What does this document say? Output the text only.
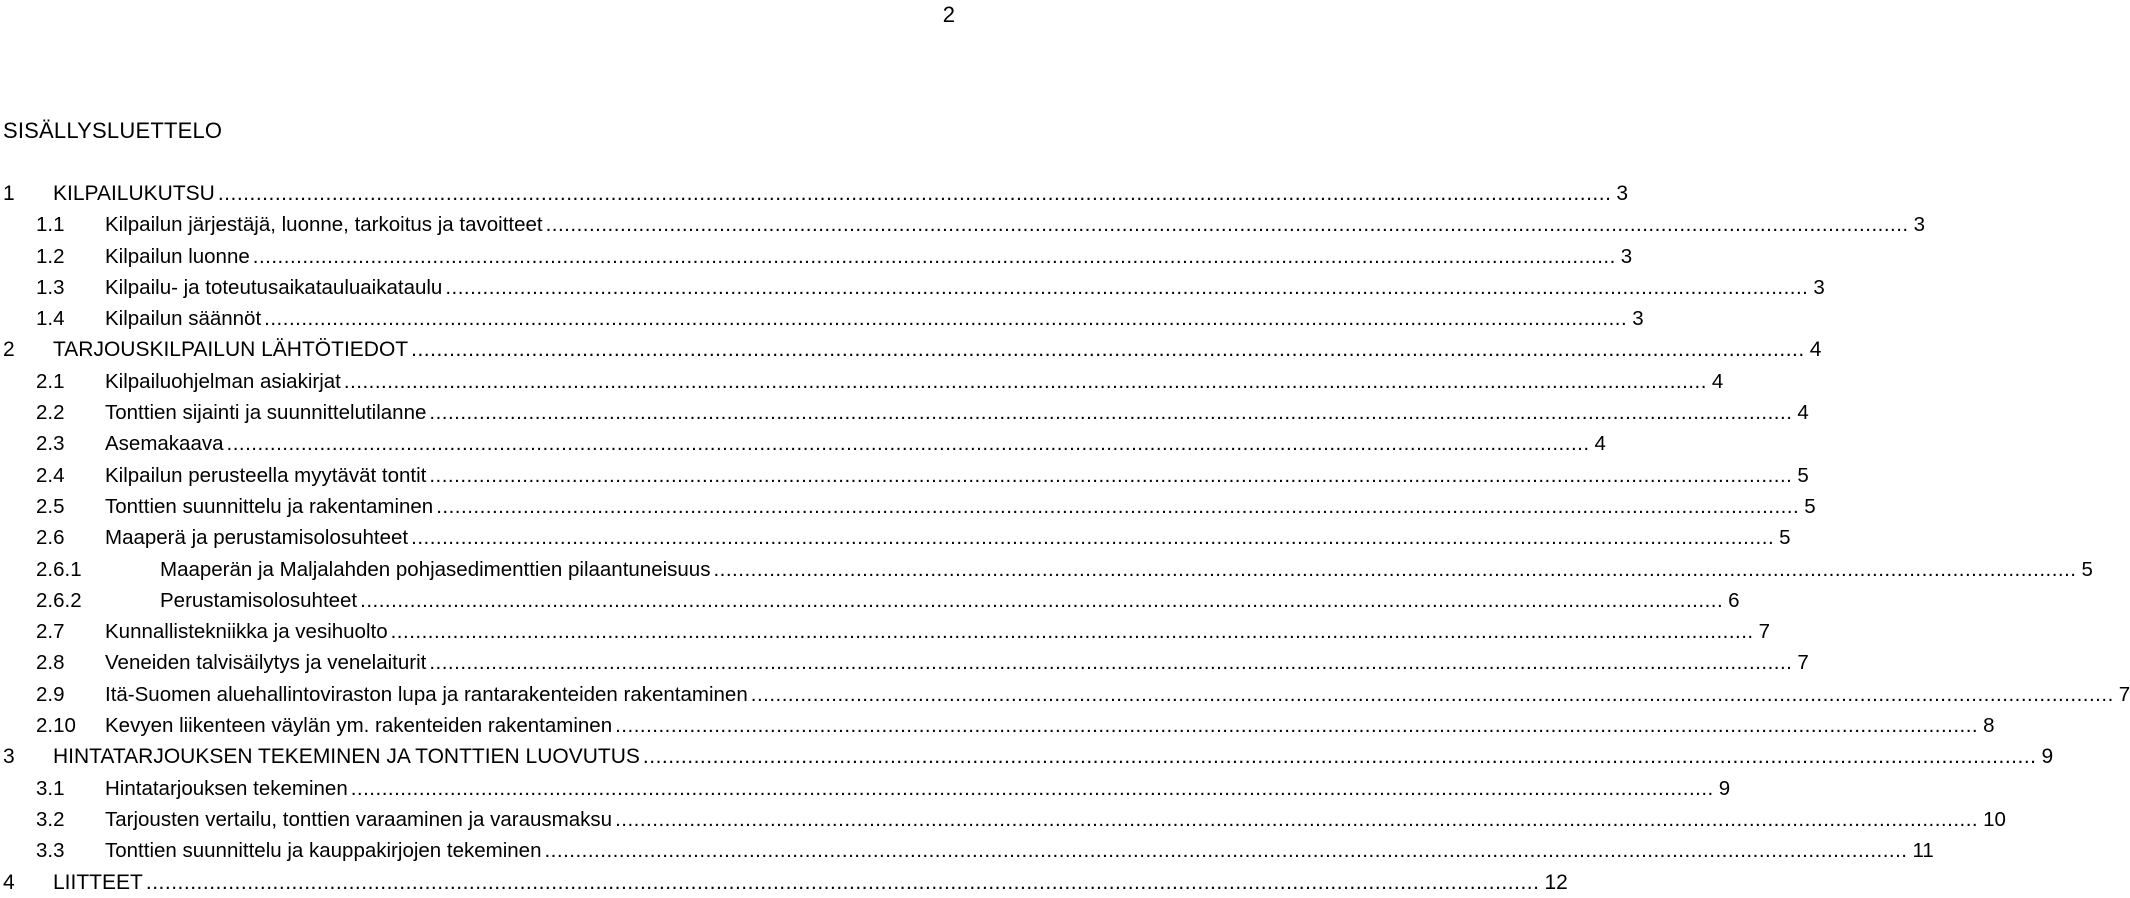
2
SISÄLLYSLUETTELO
1 KILPAILUKUTSU ............................................................................................................................................................................................................................ 3
1.1 Kilpailun järjestäjä, luonne, tarkoitus ja tavoitteet ............................................................................................................................................................................................................................ 3
1.2 Kilpailun luonne ............................................................................................................................................................................................................................ 3
1.3 Kilpailu- ja toteutusaikatauluaikataulu ............................................................................................................................................................................................................................ 3
1.4 Kilpailun säännöt ............................................................................................................................................................................................................................ 3
2 TARJOUSKILPAILUN LÄHTÖTIEDOT ............................................................................................................................................................................................................................ 4
2.1 Kilpailuohjelman asiakirjat ............................................................................................................................................................................................................................ 4
2.2 Tonttien sijainti ja suunnittelutilanne ............................................................................................................................................................................................................................ 4
2.3 Asemakaava ............................................................................................................................................................................................................................ 4
2.4 Kilpailun perusteella myytävät tontit ............................................................................................................................................................................................................................ 5
2.5 Tonttien suunnittelu ja rakentaminen ............................................................................................................................................................................................................................ 5
2.6 Maaperä ja perustamisolosuhteet ............................................................................................................................................................................................................................ 5
2.6.1	Maaperän ja Maljalahden pohjasedimenttien pilaantuneisuus ............................................................................................................................................................................................................................ 5
2.6.2	Perustamisolosuhteet ............................................................................................................................................................................................................................ 6
2.7 Kunnallistekniikka ja vesihuolto ............................................................................................................................................................................................................................ 7
2.8 Veneiden talvisäilytys ja venelaiturit ............................................................................................................................................................................................................................ 7
2.9 Itä-Suomen aluehallintoviraston lupa ja rantarakenteiden rakentaminen ............................................................................................................................................................................................................................ 7
2.10 Kevyen liikenteen väylän ym. rakenteiden rakentaminen ............................................................................................................................................................................................................................ 8
3 HINTATARJOUKSEN TEKEMINEN JA TONTTIEN LUOVUTUS ............................................................................................................................................................................................................................ 9
3.1 Hintatarjouksen tekeminen ............................................................................................................................................................................................................................ 9
3.2 Tarjousten vertailu, tonttien varaaminen ja varausmaksu ............................................................................................................................................................................................................................ 10
3.3 Tonttien suunnittelu ja kauppakirjojen tekeminen ............................................................................................................................................................................................................................ 11
4 LIITTEET ............................................................................................................................................................................................................................ 12
